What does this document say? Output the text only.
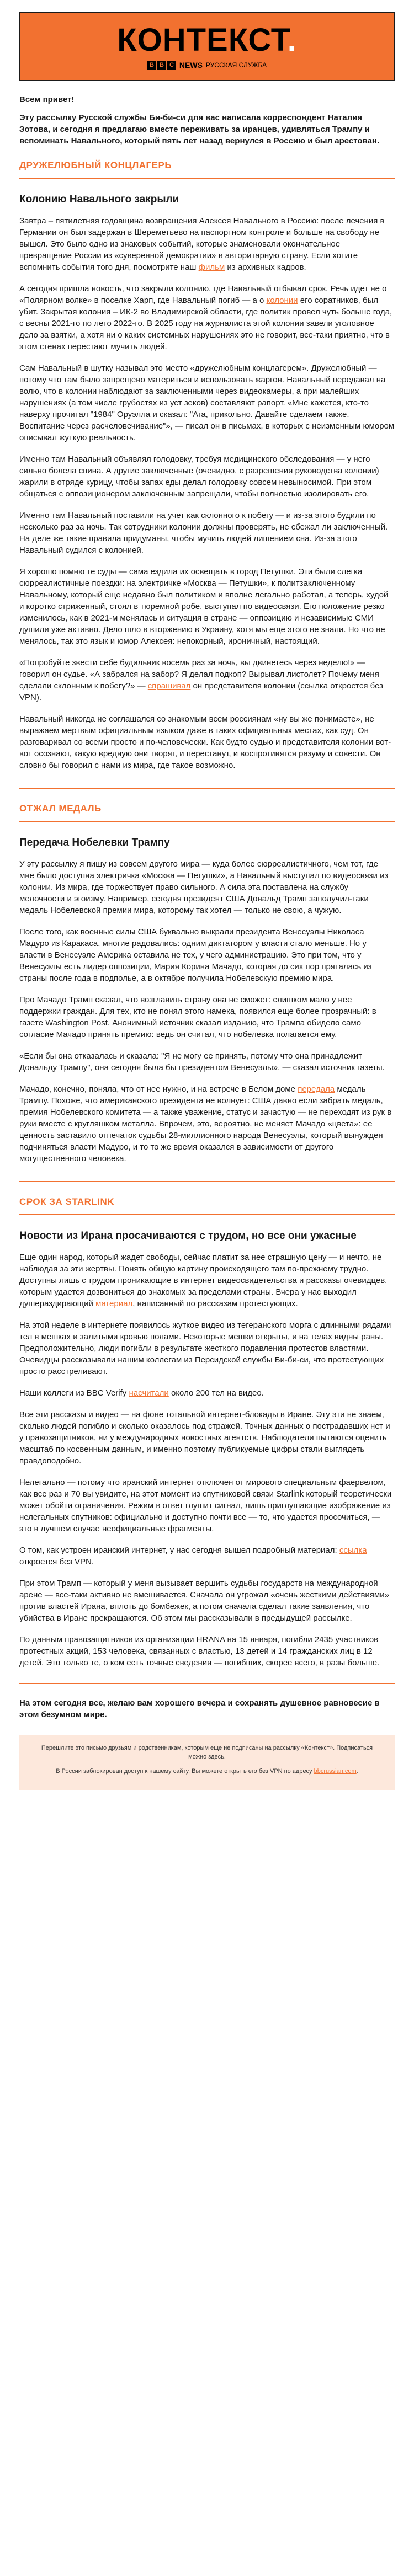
КОНТЕКСТ.
B B C NEWS РУССКАЯ СЛУЖБА

Всем привет!

Эту рассылку Русской службы Би-би-си для вас написала корреспондент Наталия Зотова, и сегодня я предлагаю вместе переживать за иранцев, удивляться Трампу и вспоминать Навального, который пять лет назад вернулся в Россию и был арестован.

ДРУЖЕЛЮБНЫЙ КОНЦЛАГЕРЬ
Колонию Навального закрыли

Завтра – пятилетняя годовщина возвращения Алексея Навального в Россию: после лечения в Германии он был задержан в Шереметьево на паспортном контроле и больше на свободу не вышел. Это было одно из знаковых событий, которые знаменовали окончательное превращение России из «суверенной демократии» в авторитарную страну. Если хотите вспомнить события того дня, посмотрите наш фильм из архивных кадров.

А сегодня пришла новость, что закрыли колонию, где Навальный отбывал срок. Речь идет не о «Полярном волке» в поселке Харп, где Навальный погиб — а о колонии его соратников, был убит. Закрытая колония – ИК-2 во Владимирской области, где политик провел чуть больше года, с весны 2021-го по лето 2022-го. В 2025 году на журналиста этой колонии завели уголовное дело за взятки, а хотя ни о каких системных нарушениях это не говорит, все-таки приятно, что в этом стенах перестают мучить людей.

Сам Навальный в шутку называл это место «дружелюбным концлагерем». Дружелюбный — потому что там было запрещено материться и использовать жаргон. Навальный передавал на волю, что в колонии наблюдают за заключенными через видеокамеры, а при малейших нарушениях (а том числе грубостях из уст зеков) составляют рапорт. «Мне кажется, кто-то наверху прочитал "1984" Оруэлла и сказал: "Ага, прикольно. Давайте сделаем также. Воспитание через расчеловечивание"», — писал он в письмах, в которых с неизменным юмором описывал жуткую реальность.

Именно там Навальный объявлял голодовку, требуя медицинского обследования — у него сильно болела спина. А другие заключенные (очевидно, с разрешения руководства колонии) жарили в отряде курицу, чтобы запах еды делал голодовку совсем невыносимой. При этом общаться с оппозиционером заключенным запрещали, чтобы полностью изолировать его.

Именно там Навальный поставили на учет как склонного к побегу — и из-за этого будили по несколько раз за ночь. Так сотрудники колонии должны проверять, не сбежал ли заключенный. На деле же такие правила придуманы, чтобы мучить людей лишением сна. Из-за этого Навальный судился с колонией.

Я хорошо помню те суды — сама ездила их освещать в город Петушки. Эти были слегка сюрреалистичные поездки: на электричке «Москва — Петушки», к политзаключенному Навальному, который еще недавно был политиком и вполне легально работал, а теперь, худой и коротко стриженный, стоял в тюремной робе, выступал по видеосвязи. Его положение резко изменилось, как в 2021-м менялась и ситуация в стране — оппозицию и независимые СМИ душили уже активно. Дело шло в вторжению в Украину, хотя мы еще этого не знали. Но что не менялось, так это язык и юмор Алексея: непокорный, ироничный, настоящий.

«Попробуйте звести себе будильник восемь раз за ночь, вы двинетесь через неделю!» — говорил он судье. «А забрался на забор? Я делал подкоп? Вырывал листолет? Почему меня сделали склонным к побегу?» — спрашивал он представителя колонии (ссылка откроется без VPN).

Навальный никогда не соглашался со знакомым всем россиянам «ну вы же понимаете», не выражаем мертвым официальным языком даже в таких официальных местах, как суд. Он разговаривал со всеми просто и по-человечески. Как будто судью и представителя колонии вот-вот осознают, какую вредную они творят, и перестанут, и воспротивятся разуму и совести. Он словно бы говорил с нами из мира, где такое возможно.

ОТЖАЛ МЕДАЛЬ
Передача Нобелевки Трампу

У эту рассылку я пишу из совсем другого мира — куда более сюрреалистичного, чем тот, где мне было доступна электричка «Москва — Петушки», а Навальный выступал по видеосвязи из колонии. Из мира, где торжествует право сильного. А сила эта поставлена на службу мелочности и эгоизму. Например, сегодня президент США Дональд Трамп заполучил-таки медаль Нобелевской премии мира, которому так хотел — только не свою, а чужую.

После того, как военные силы США буквально выкрали президента Венесуэлы Николаса Мадуро из Каракаса, многие радовались: одним диктатором у власти стало меньше. Но у власти в Венесуэле Америка оставила не тех, у чего администрацию. Это при том, что у Венесуэлы есть лидер оппозиции, Мария Корина Мачадо, которая до сих пор пряталась из страны после года в подполье, а в октябре получила Нобелевскую премию мира.

Про Мачадо Трамп сказал, что возглавить страну она не сможет: слишком мало у нее поддержки граждан. Для тех, кто не понял этого намека, появился еще более прозрачный: в газете Washington Post. Анонимный источник сказал изданию, что Трампа обидело само согласие Мачадо принять премию: ведь он считал, что нобелевка полагается ему.

«Если бы она отказалась и сказала: "Я не могу ее принять, потому что она принадлежит Дональду Трампу", она сегодня была бы президентом Венесуэлы», — сказал источник газеты.

Мачадо, конечно, поняла, что от нее нужно, и на встрече в Белом доме передала медаль Трампу. Похоже, что американского президента не волнует: США давно если забрать медаль, премия Нобелевского комитета — а также уважение, статус и зачастую — не переходят из рук в руки вместе с кругляшком металла. Впрочем, это, вероятно, не меняет Мачадо «цвета»: ее ценность заставило отпечаток судьбы 28-миллионного народа Венесуэлы, который вынужден подчиняться власти Мадуро, и то то же время оказался в зависимости от другого могущественного человека.

СРОК ЗА STARLINK
Новости из Ирана просачиваются с трудом, но все они ужасные

Еще один народ, который жадет свободы, сейчас платит за нее страшную цену — и нечто, не наблюдая за эти жертвы. Понять общую картину происходящего там по-прежнему трудно. Доступны лишь с трудом проникающие в интернет видеосвидетельства и рассказы очевидцев, которым удается дозвониться до знакомых за пределами страны. Вчера у нас выходил душераздирающий материал, написанный по рассказам протестующих.

На этой неделе в интернете появилось жуткое видео из тегеранского морга с длинными рядами тел в мешках и залитыми кровью полами. Некоторые мешки открыты, и на телах видны раны. Предположительно, люди погибли в результате жесткого подавления протестов властями. Очевидцы рассказывали нашим коллегам из Персидской службы Би-би-си, что протестующих просто расстреливают.

Наши коллеги из BBC Verify насчитали около 200 тел на видео.

Все эти рассказы и видео — на фоне тотальной интернет-блокады в Иране. Эту эти не знаем, сколько людей погибло и сколько оказалось под стражей. Точных данных о пострадавших нет и у правозащитников, ни у международных новостных агентств. Наблюдатели пытаются оценить масштаб по косвенным данным, и именно поэтому публикуемые цифры стали выглядеть правдоподобно.

Нелегально — потому что иранский интернет отключен от мирового специальным фаервелом, как все раз и 70 вы увидите, на этот момент из спутниковой связи Starlink который теоретически может обойти ограничения. Режим в ответ глушит сигнал, лишь приглушающие изображение из нелегальных спутников: официально и доступно почти все — то, что удается просочиться, — это в лучшем случае неофициальные фрагменты.

О том, как устроен иранский интернет, у нас сегодня вышел подробный материал: ссылка откроется без VPN.

При этом Трамп — который у меня вызывает вершить судьбы государств на международной арене — все-таки активно не вмешивается. Сначала он угрожал «очень жесткими действиями» против властей Ирана, вплоть до бомбежек, а потом сначала сделал такие заявления, что убийства в Иране прекращаются. Об этом мы рассказывали в предыдущей рассылке.

По данным правозащитников из организации HRANA на 15 января, погибли 2435 участников протестных акций, 153 человека, связанных с властью, 13 детей и 14 гражданских лиц в 12 детей. Это только те, о ком есть точные сведения — погибших, скорее всего, в разы больше.

На этом сегодня все, желаю вам хорошего вечера и сохранять душевное равновесие в этом безумном мире.

Перешлите это письмо друзьям и родственникам, которым еще не подписаны на рассылку «Контекст». Подписаться можно здесь.

В России заблокирован доступ к нашему сайту. Вы можете открыть его без VPN по адресу bbcrussian.com.
